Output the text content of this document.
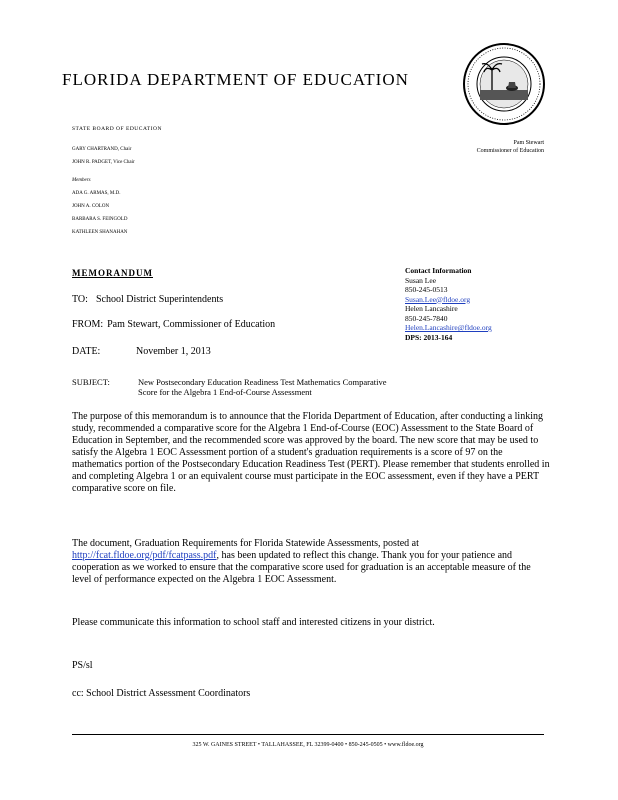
FLORIDA DEPARTMENT OF EDUCATION
STATE BOARD OF EDUCATION
GARY CHARTRAND, Chair
JOHN R. PADGET, Vice Chair
Members
ADA G. ARMAS, M.D.
JOHN A. COLON
BARBARA S. FEINGOLD
KATHLEEN SHANAHAN
Pam Stewart
Commissioner of Education
MEMORANDUM	Contact Information
Susan Lee
850-245-0513
Susan.Lee@fldoe.org
Helen Lancashire
850-245-7840
Helen.Lancashire@fldoe.org
DPS: 2013-164
TO: School District Superintendents
FROM: Pam Stewart, Commissioner of Education
DATE:	November 1, 2013
SUBJECT:	New Postsecondary Education Readiness Test Mathematics Comparative
Score for the Algebra 1 End-of-Course Assessment
The purpose of this memorandum is to announce that the Florida Department of Education, after conducting a linking study, recommended a comparative score for the Algebra 1 End-of-Course (EOC) Assessment to the State Board of Education in September, and the recommended score was approved by the board. The new score that may be used to satisfy the Algebra 1 EOC Assessment portion of a student's graduation requirements is a score of 97 on the mathematics portion of the Postsecondary Education Readiness Test (PERT). Please remember that students enrolled in and completing Algebra 1 or an equivalent course must participate in the EOC assessment, even if they have a PERT comparative score on file.
The document, Graduation Requirements for Florida Statewide Assessments, posted at http://fcat.fldoe.org/pdf/fcatpass.pdf, has been updated to reflect this change. Thank you for your patience and cooperation as we worked to ensure that the comparative score used for graduation is an acceptable measure of the level of performance expected on the Algebra 1 EOC Assessment.
Please communicate this information to school staff and interested citizens in your district.
PS/sl
cc: School District Assessment Coordinators
325 W. GAINES STREET • TALLAHASSEE, FL 32399-0400 • 850-245-0505 • www.fldoe.org
